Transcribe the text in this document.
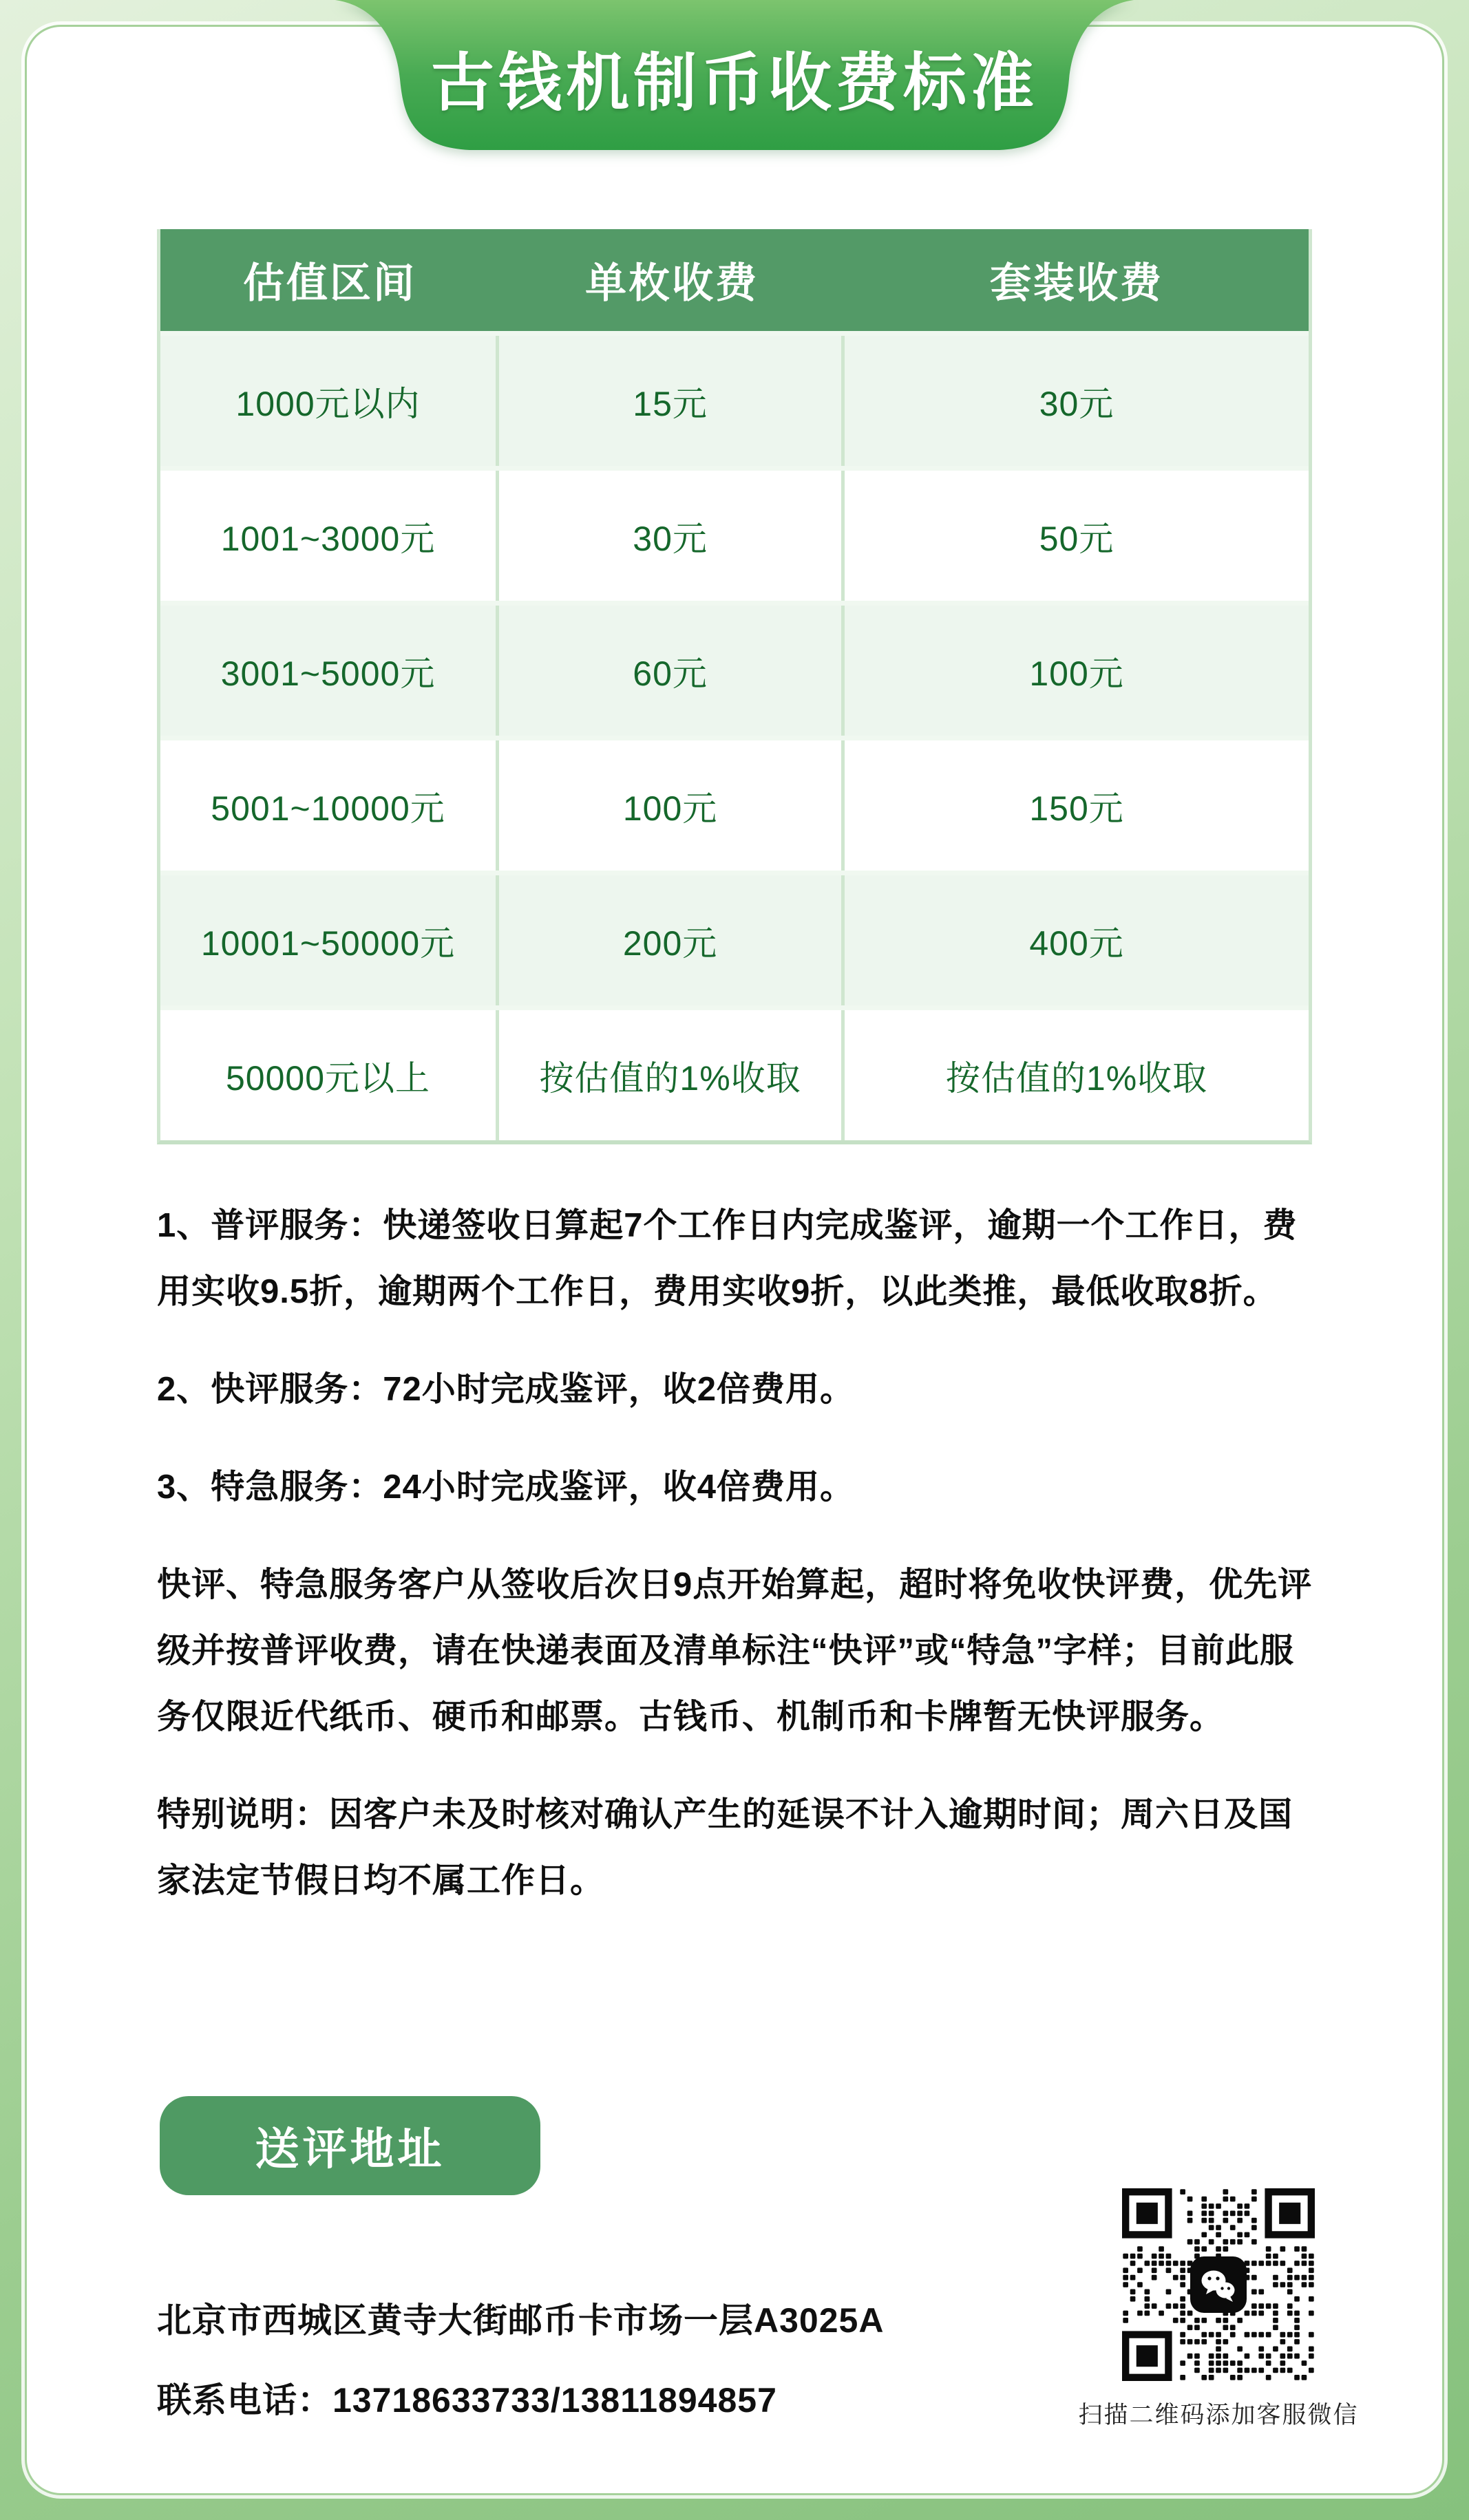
古钱机制币收费标准
估值区间	单枚收费	套装收费
1000元以内	15元	30元
1001~3000元	30元	50元
3001~5000元	60元	100元
5001~10000元	100元	150元
10001~50000元	200元	400元
50000元以上	按估值的1%收取	按估值的1%收取

1、普评服务：快递签收日算起7个工作日内完成鉴评，逾期一个工作日，费用实收9.5折，逾期两个工作日，费用实收9折，以此类推，最低收取8折。

2、快评服务：72小时完成鉴评，收2倍费用。

3、特急服务：24小时完成鉴评，收4倍费用。

快评、特急服务客户从签收后次日9点开始算起，超时将免收快评费，优先评级并按普评收费，请在快递表面及清单标注“快评”或“特急”字样；目前此服务仅限近代纸币、硬币和邮票。古钱币、机制币和卡牌暂无快评服务。

特别说明：因客户未及时核对确认产生的延误不计入逾期时间；周六日及国家法定节假日均不属工作日。

送评地址
北京市西城区黄寺大街邮币卡市场一层A3025A
联系电话：13718633733/13811894857	扫描二维码添加客服微信
